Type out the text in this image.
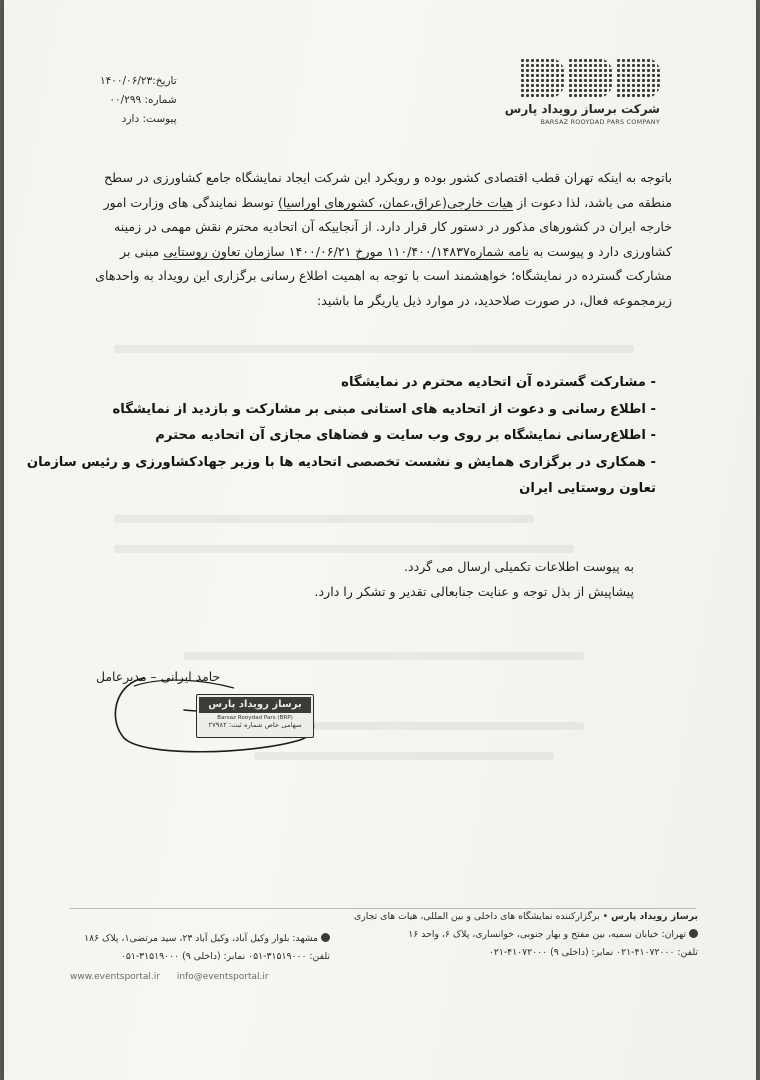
شرکت برساز رویداد پارس
BARSAZ ROOYDAD PARS COMPANY
تاریخ:۱۴۰۰/۰۶/۲۳
شماره: ۰۰/۲۹۹
پیوست: دارد

باتوجه به اینکه تهران قطب اقتصادی کشور بوده و رویکرد این شرکت ایجاد نمایشگاه جامع کشاورزی در سطح

منطقه می باشد، لذا دعوت از هیات خارجی(عراق،عمان، کشورهای اوراسیا) توسط نمایندگی های وزارت امور

خارجه ایران در کشورهای مذکور در دستور کار قرار دارد. از آنجاییکه آن اتحادیه محترم نقش مهمی در زمینه

کشاورزی دارد و پیوست به نامه شماره۱۱۰/۴۰۰/۱۴۸۳۷ مورخ ۱۴۰۰/۰۶/۲۱ سازمان تعاون روستایی مبنی بر

مشارکت گسترده در نمایشگاه؛ خواهشمند است با توجه به اهمیت اطلاع رسانی برگزاری این رویداد به واحدهای

زیرمجموعه فعال، در صورت صلاحدید، در موارد ذیل یاریگر ما باشید:

- مشارکت گسترده آن اتحادیه محترم در نمایشگاه
- اطلاع رسانی و دعوت از اتحادیه های استانی مبنی بر مشارکت و بازدید از نمایشگاه
- اطلاع‌رسانی نمایشگاه بر روی وب سایت و فضاهای مجازی آن اتحادیه محترم
- همکاری در برگزاری همایش و نشست تخصصی اتحادیه ها با وزیر جهادکشاورزی و رئیس سازمان
تعاون روستایی ایران
به پیوست اطلاعات تکمیلی ارسال می گردد.
پیشاپیش از بذل توجه و عنایت جنابعالی تقدیر و تشکر را دارد.
حامد ایرانی – مدیرعامل
برساز رویداد پارس
Barsaz Rooydad Pars (BRP)
سهامی خاص شماره ثبت: ۲۷۹۸۲
برساز رویداد پارس • برگزارکننده نمایشگاه های داخلی و بین المللی، هیات های تجاری
تهران: خیابان سمیه، بین مفتح و بهار جنوبی، خوانساری، پلاک ۶، واحد ۱۶
تلفن: ۴۱۰۷۲۰۰۰-۰۲۱ نمابر: (داخلی ۹) ۴۱۰۷۲۰۰۰-۰۲۱
مشهد: بلوار وکیل آباد، وکیل آباد ۲۳، سید مرتضی۱، پلاک ۱۸۶
تلفن: ۳۱۵۱۹۰۰۰-۰۵۱ نمابر: (داخلی ۹) ۳۱۵۱۹۰۰۰-۰۵۱
www.eventsportal.ir info@eventsportal.ir
